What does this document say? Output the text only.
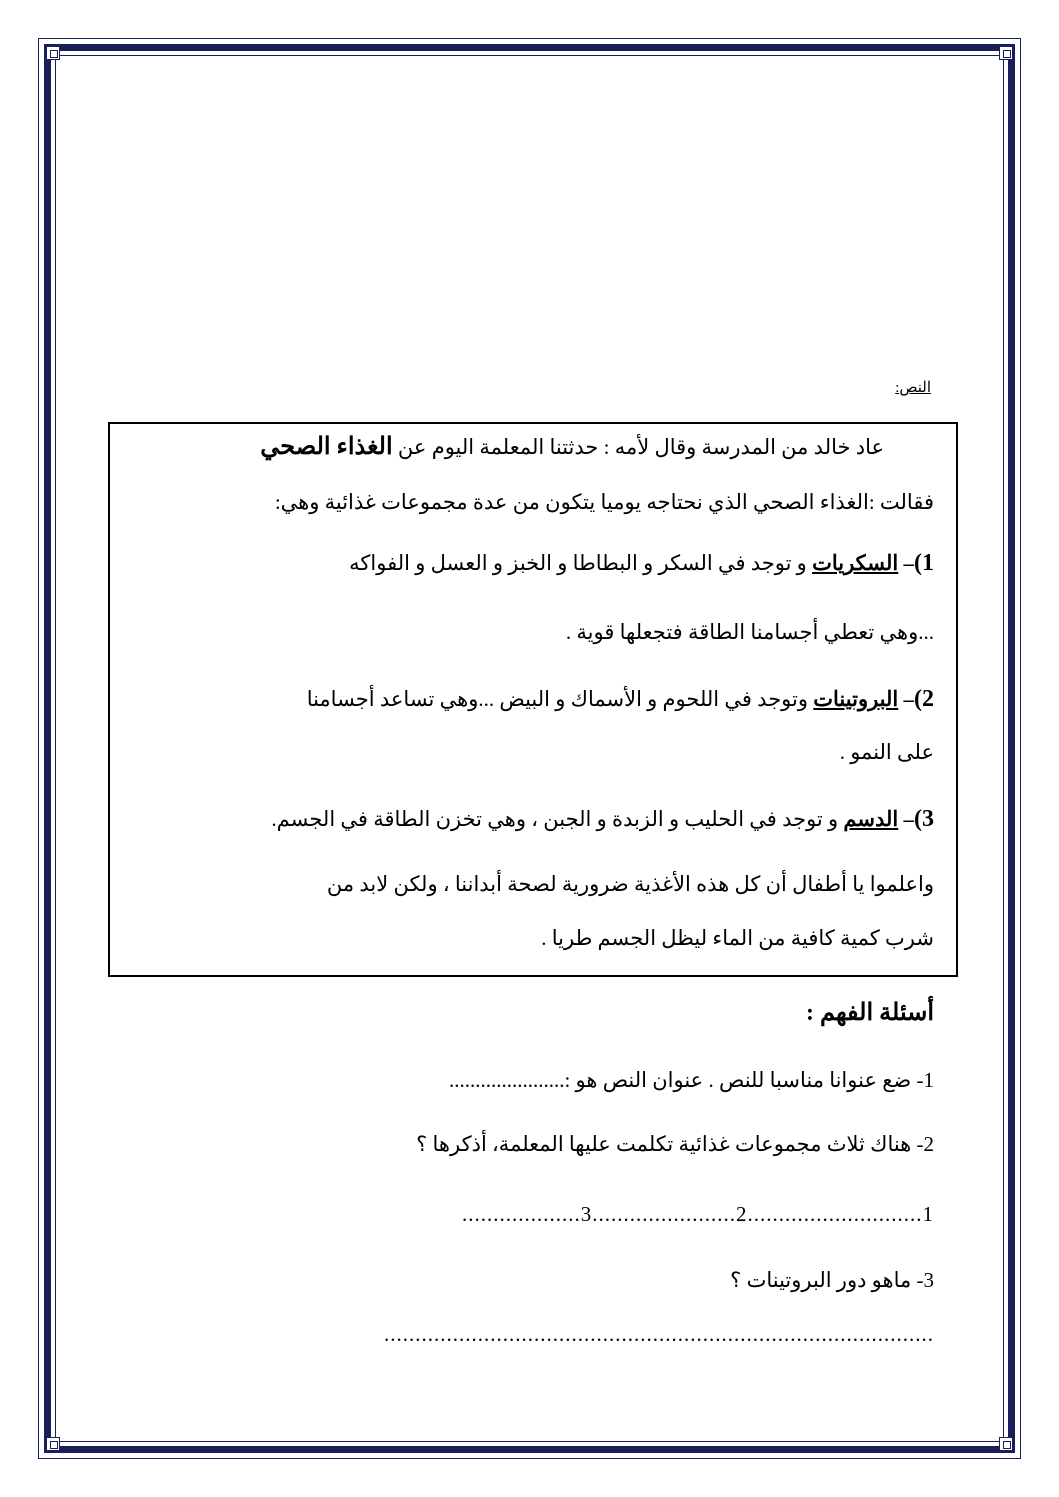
النص:
عاد خالد من المدرسة وقال لأمه : حدثتنا المعلمة اليوم عن الغذاء الصحي
فقالت :الغذاء الصحي الذي نحتاجه يوميا يتكون من عدة مجموعات غذائية وهي:
1)– السكريات و توجد في السكر و البطاطا و الخبز و العسل و الفواكه
...وهي تعطي أجسامنا الطاقة فتجعلها قوية .
2)– البروتينات وتوجد في اللحوم و الأسماك و البيض ...وهي تساعد أجسامنا
على النمو .
3)– الدسم و توجد في الحليب و الزبدة و الجبن ، وهي تخزن الطاقة في الجسم.
واعلموا يا أطفال أن كل هذه الأغذية ضرورية لصحة أبداننا ، ولكن لابد من
شرب كمية كافية من الماء ليظل الجسم طريا .
أسئلة الفهم :
1- ضع عنوانا مناسبا للنص . عنوان النص هو :......................
2- هناك ثلاث مجموعات غذائية تكلمت عليها المعلمة، أذكرها ؟
1............................2.......................3...................
3- ماهو دور البروتينات ؟
........................................................................................
